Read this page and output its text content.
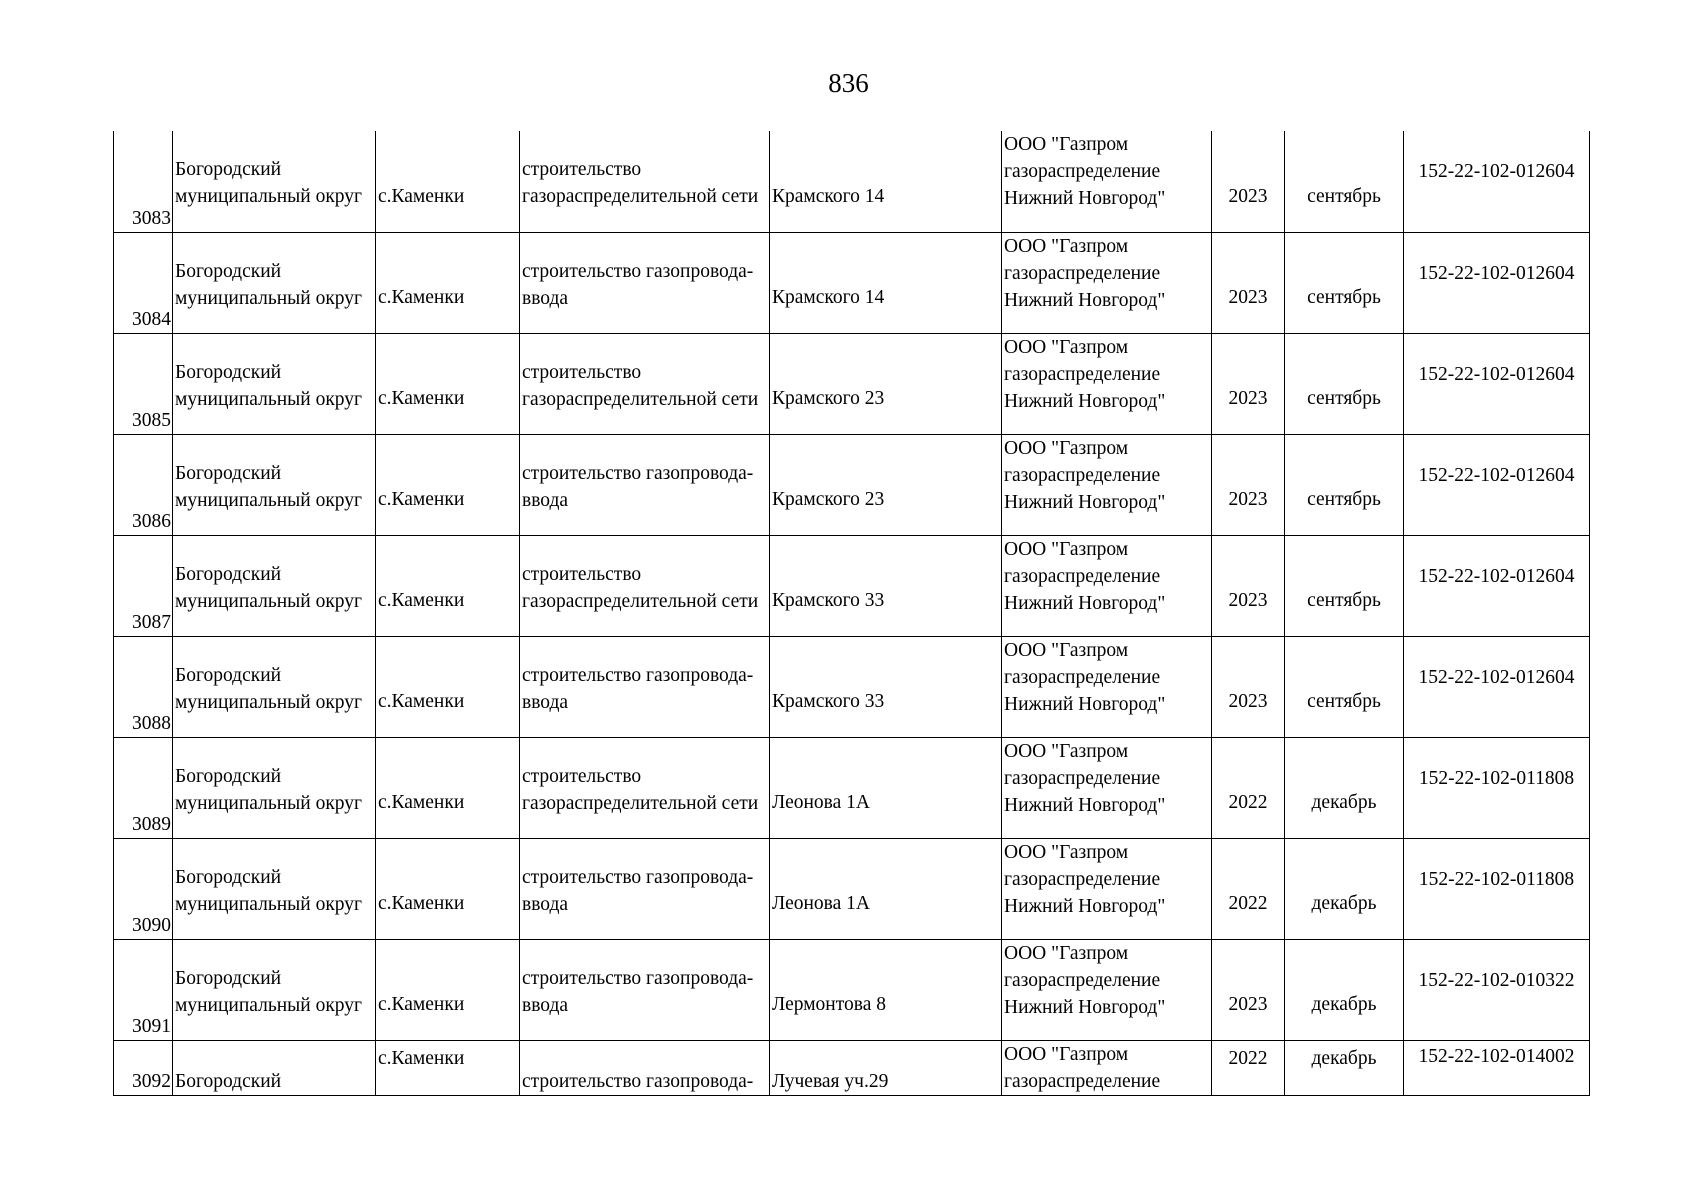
836
3083	Богородский
муниципальный округ	с.Каменки	строительство
газораспределительной сети	Крамского 14	ООО "Газпром
газораспределение
Нижний Новгород"	2023	сентябрь	152-22-102-012604
3084	Богородский
муниципальный округ	с.Каменки	строительство газопровода-
ввода	Крамского 14	ООО "Газпром
газораспределение
Нижний Новгород"	2023	сентябрь	152-22-102-012604
3085	Богородский
муниципальный округ	с.Каменки	строительство
газораспределительной сети	Крамского 23	ООО "Газпром
газораспределение
Нижний Новгород"	2023	сентябрь	152-22-102-012604
3086	Богородский
муниципальный округ	с.Каменки	строительство газопровода-
ввода	Крамского 23	ООО "Газпром
газораспределение
Нижний Новгород"	2023	сентябрь	152-22-102-012604
3087	Богородский
муниципальный округ	с.Каменки	строительство
газораспределительной сети	Крамского 33	ООО "Газпром
газораспределение
Нижний Новгород"	2023	сентябрь	152-22-102-012604
3088	Богородский
муниципальный округ	с.Каменки	строительство газопровода-
ввода	Крамского 33	ООО "Газпром
газораспределение
Нижний Новгород"	2023	сентябрь	152-22-102-012604
3089	Богородский
муниципальный округ	с.Каменки	строительство
газораспределительной сети	Леонова 1А	ООО "Газпром
газораспределение
Нижний Новгород"	2022	декабрь	152-22-102-011808
3090	Богородский
муниципальный округ	с.Каменки	строительство газопровода-
ввода	Леонова 1А	ООО "Газпром
газораспределение
Нижний Новгород"	2022	декабрь	152-22-102-011808
3091	Богородский
муниципальный округ	с.Каменки	строительство газопровода-
ввода	Лермонтова 8	ООО "Газпром
газораспределение
Нижний Новгород"	2023	декабрь	152-22-102-010322
3092	Богородский	с.Каменки	строительство газопровода-	Лучевая уч.29	ООО "Газпром
газораспределение	2022	декабрь	152-22-102-014002
